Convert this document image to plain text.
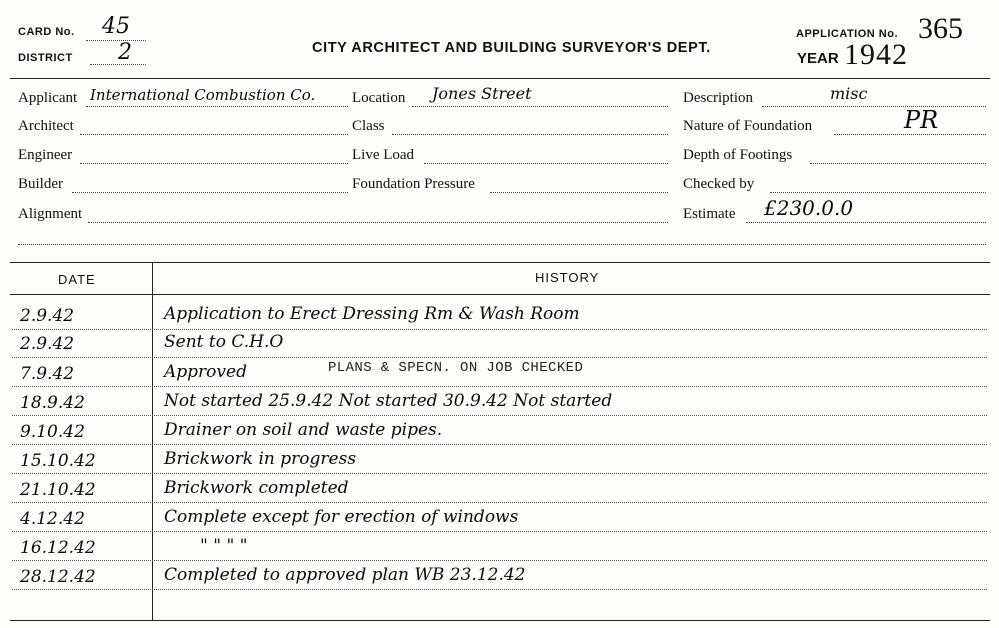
CARD No. 45
DISTRICT 2	CITY ARCHITECT AND BUILDING SURVEYOR'S DEPT.
APPLICATION No. 365
YEAR 1942
Applicant International Combustion Co. Location Jones Street	Description	misc
Architect	Class	Nature of Foundation	PR
Engineer	Live Load	Depth of Footings
Builder	Foundation Pressure	Checked by
Alignment	Estimate £230.0.0
DATE	HISTORY
2.9.42	Application to Erect Dressing Rm & Wash Room
2.9.42	Sent to C.H.O
7.9.42	Approved	PLANS & SPECN. ON JOB CHECKED
18.9.42	Not started 25.9.42 Not started 30.9.42 Not started
9.10.42	Drainer on soil and waste pipes.
15.10.42	Brickwork in progress
21.10.42	Brickwork completed
4.12.42	Complete except for erection of windows
16.12.42	" " " "
28.12.42	Completed to approved plan WB 23.12.42
